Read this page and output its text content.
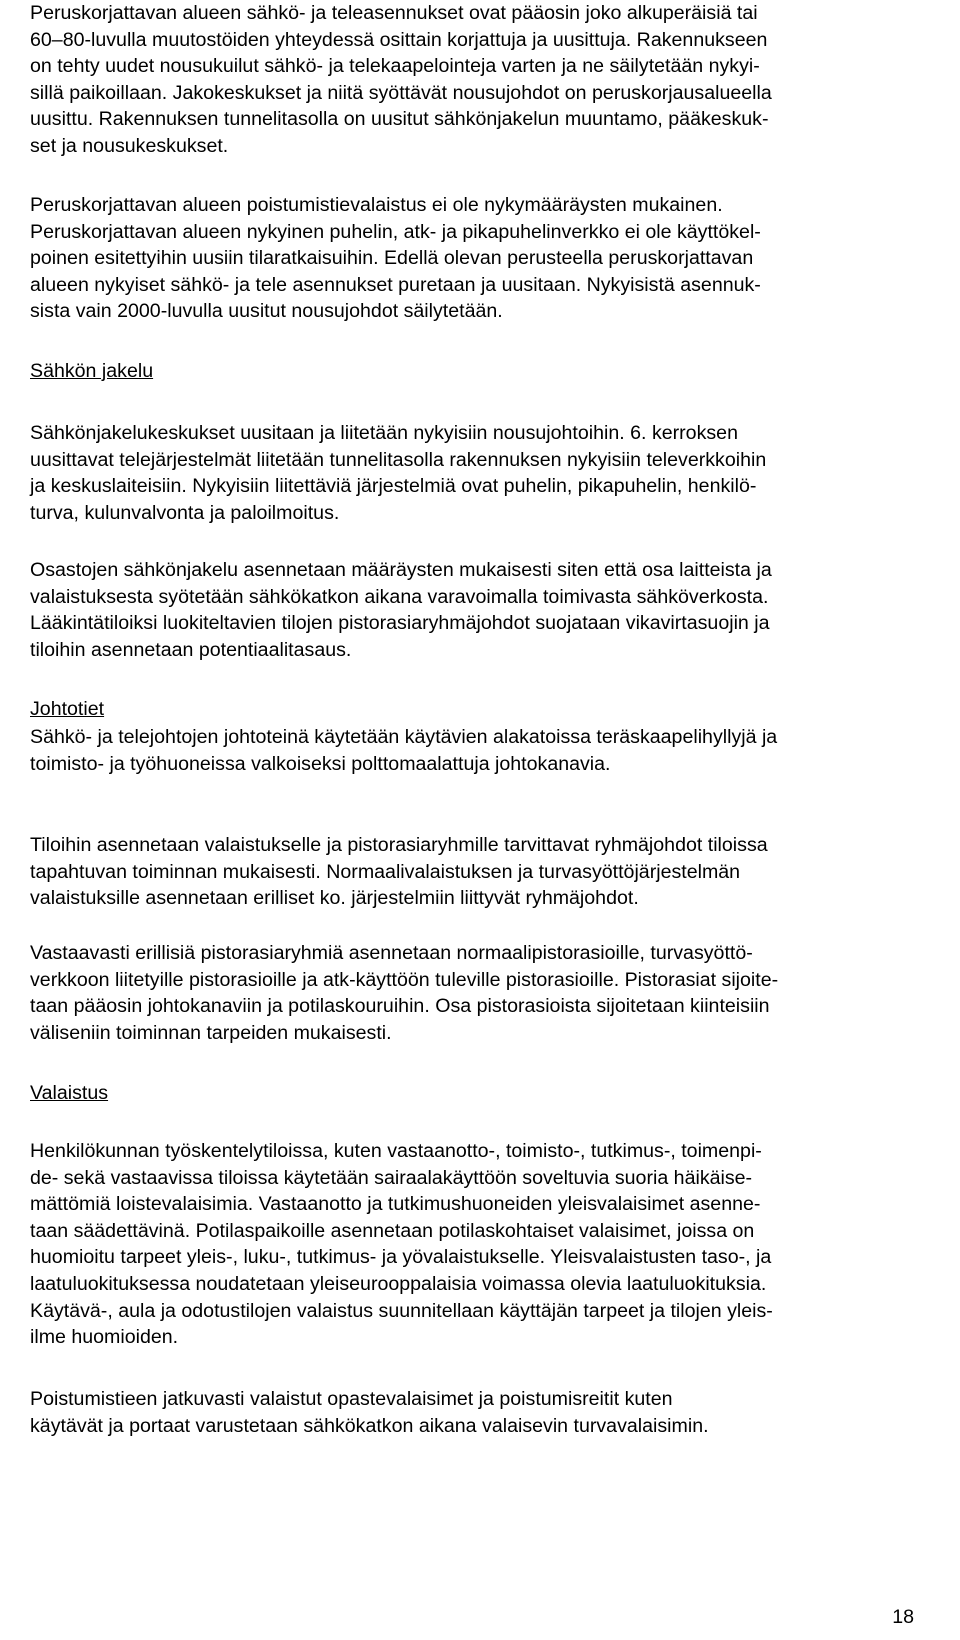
Peruskorjattavan alueen sähkö- ja teleasennukset ovat pääosin joko alkuperäisiä tai
60–80-luvulla muutostöiden yhteydessä osittain korjattuja ja uusittuja. Rakennukseen
on tehty uudet nousukuilut sähkö- ja telekaapelointeja varten ja ne säilytetään nykyi-
sillä paikoillaan. Jakokeskukset ja niitä syöttävät nousujohdot on peruskorjausalueella
uusittu. Rakennuksen tunnelitasolla on uusitut sähkönjakelun muuntamo, pääkeskuk-
set ja nousukeskukset.
Peruskorjattavan alueen poistumistievalaistus ei ole nykymääräysten mukainen.
Peruskorjattavan alueen nykyinen puhelin, atk- ja pikapuhelinverkko ei ole käyttökel-
poinen esitettyihin uusiin tilaratkaisuihin. Edellä olevan perusteella peruskorjattavan
alueen nykyiset sähkö- ja tele asennukset puretaan ja uusitaan. Nykyisistä asennuk-
sista vain 2000-luvulla uusitut nousujohdot säilytetään.
Sähkön jakelu
Sähkönjakelukeskukset uusitaan ja liitetään nykyisiin nousujohtoihin. 6. kerroksen
uusittavat telejärjestelmät liitetään tunnelitasolla rakennuksen nykyisiin televerkkoihin
ja keskuslaiteisiin. Nykyisiin liitettäviä järjestelmiä ovat puhelin, pikapuhelin, henkilö-
turva, kulunvalvonta ja paloilmoitus.
Osastojen sähkönjakelu asennetaan määräysten mukaisesti siten että osa laitteista ja
valaistuksesta syötetään sähkökatkon aikana varavoimalla toimivasta sähköverkosta.
Lääkintätiloiksi luokiteltavien tilojen pistorasiaryhmäjohdot suojataan vikavirtasuojin ja
tiloihin asennetaan potentiaalitasaus.
Johtotiet
Sähkö- ja telejohtojen johtoteinä käytetään käytävien alakatoissa teräskaapelihyllyjä ja
toimisto- ja työhuoneissa valkoiseksi polttomaalattuja johtokanavia.
Tiloihin asennetaan valaistukselle ja pistorasiaryhmille tarvittavat ryhmäjohdot tiloissa
tapahtuvan toiminnan mukaisesti. Normaalivalaistuksen ja turvasyöttöjärjestelmän
valaistuksille asennetaan erilliset ko. järjestelmiin liittyvät ryhmäjohdot.
Vastaavasti erillisiä pistorasiaryhmiä asennetaan normaalipistorasioille, turvasyöttö-
verkkoon liitetyille pistorasioille ja atk-käyttöön tuleville pistorasioille. Pistorasiat sijoite-
taan pääosin johtokanaviin ja potilaskouruihin. Osa pistorasioista sijoitetaan kiinteisiin
väliseniin toiminnan tarpeiden mukaisesti.
Valaistus
Henkilökunnan työskentelytiloissa, kuten vastaanotto-, toimisto-, tutkimus-, toimenpi-
de- sekä vastaavissa tiloissa käytetään sairaalakäyttöön soveltuvia suoria häikäise-
mättömiä loistevalaisimia. Vastaanotto ja tutkimushuoneiden yleisvalaisimet asenne-
taan säädettävinä. Potilaspaikoille asennetaan potilaskohtaiset valaisimet, joissa on
huomioitu tarpeet yleis-, luku-, tutkimus- ja yövalaistukselle. Yleisvalaistusten taso-, ja
laatuluokituksessa noudatetaan yleiseurooppalaisia voimassa olevia laatuluokituksia.
Käytävä-, aula ja odotustilojen valaistus suunnitellaan käyttäjän tarpeet ja tilojen yleis-
ilme huomioiden.
Poistumistieen jatkuvasti valaistut opastevalaisimet ja poistumisreitit kuten
käytävät ja portaat varustetaan sähkökatkon aikana valaisevin turvavalaisimin.
18
